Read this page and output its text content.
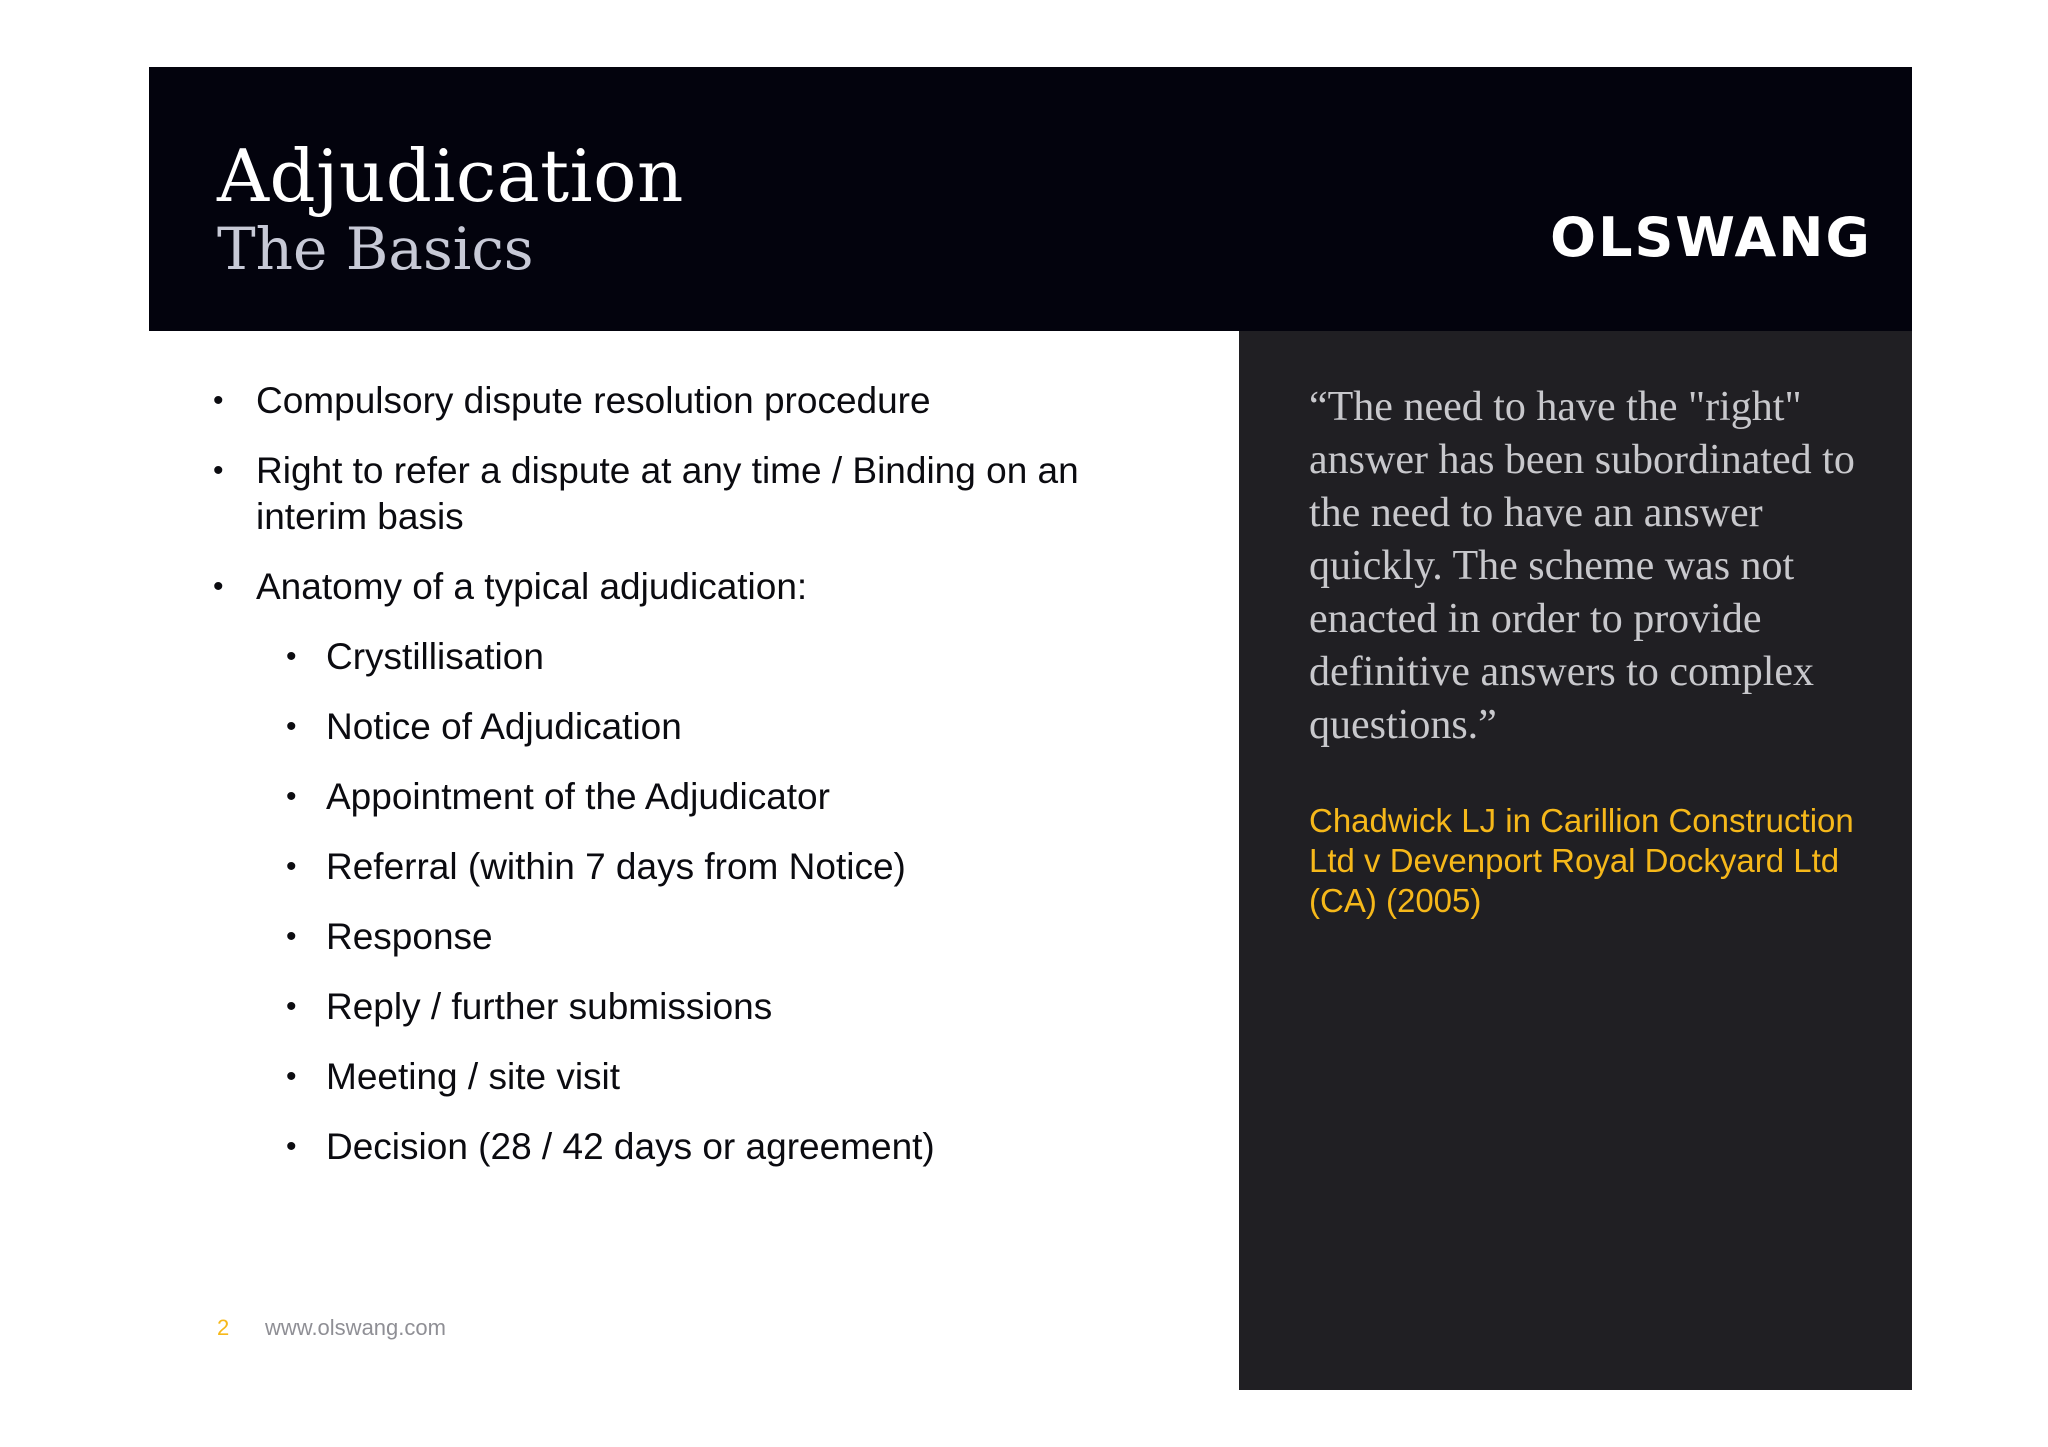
Adjudication
The Basics	OLSWANG
• Compulsory dispute resolution procedure
• Right to refer a dispute at any time / Binding on an interim basis
• Anatomy of a typical adjudication:
• Crystillisation
• Notice of Adjudication
• Appointment of the Adjudicator
• Referral (within 7 days from Notice)
• Response
• Reply / further submissions
• Meeting / site visit
• Decision (28 / 42 days or agreement)

“The need to have the "right" answer has been subordinated to the need to have an answer quickly. The scheme was not enacted in order to provide definitive answers to complex questions.”

Chadwick LJ in Carillion Construction Ltd v Devenport Royal Dockyard Ltd (CA) (2005)

2 www.olswang.com
